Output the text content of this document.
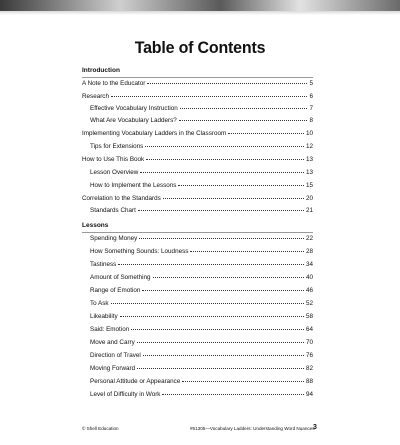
Table of Contents
Introduction
A Note to the Educator	5
Research	6
Effective Vocabulary Instruction	7
What Are Vocabulary Ladders?	8
Implementing Vocabulary Ladders in the Classroom	10
Tips for Extensions	12
How to Use This Book	13
Lesson Overview	13
How to Implement the Lessons	15
Correlation to the Standards	20
Standards Chart	21
Lessons
Spending Money	22
How Something Sounds: Loudness	28
Tastiness	34
Amount of Something	40
Range of Emotion	46
To Ask	52
Likeability	58
Said: Emotion	64
Move and Carry	70
Direction of Travel	76
Moving Forward	82
Personal Attitude or Appearance	88
Level of Difficulty in Work	94
© Shell Education	#51305—Vocabulary Ladders: Understanding Word Nuances
3
